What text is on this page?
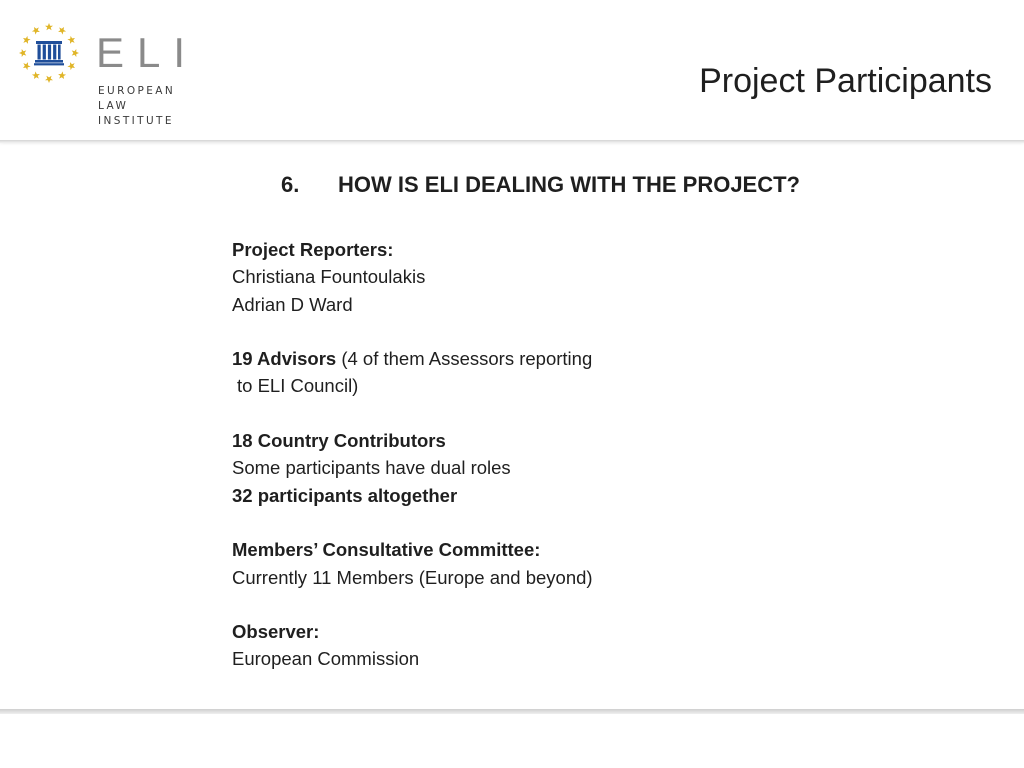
ELI
EUROPEAN
LAW
INSTITUTE
Project Participants
6. HOW IS ELI DEALING WITH THE PROJECT?
Project Reporters:
Christiana Fountoulakis
Adrian D Ward
19 Advisors (4 of them Assessors reporting
to ELI Council)
18 Country Contributors
Some participants have dual roles
32 participants altogether
Members’ Consultative Committee:
Currently 11 Members (Europe and beyond)
Observer:
European Commission
